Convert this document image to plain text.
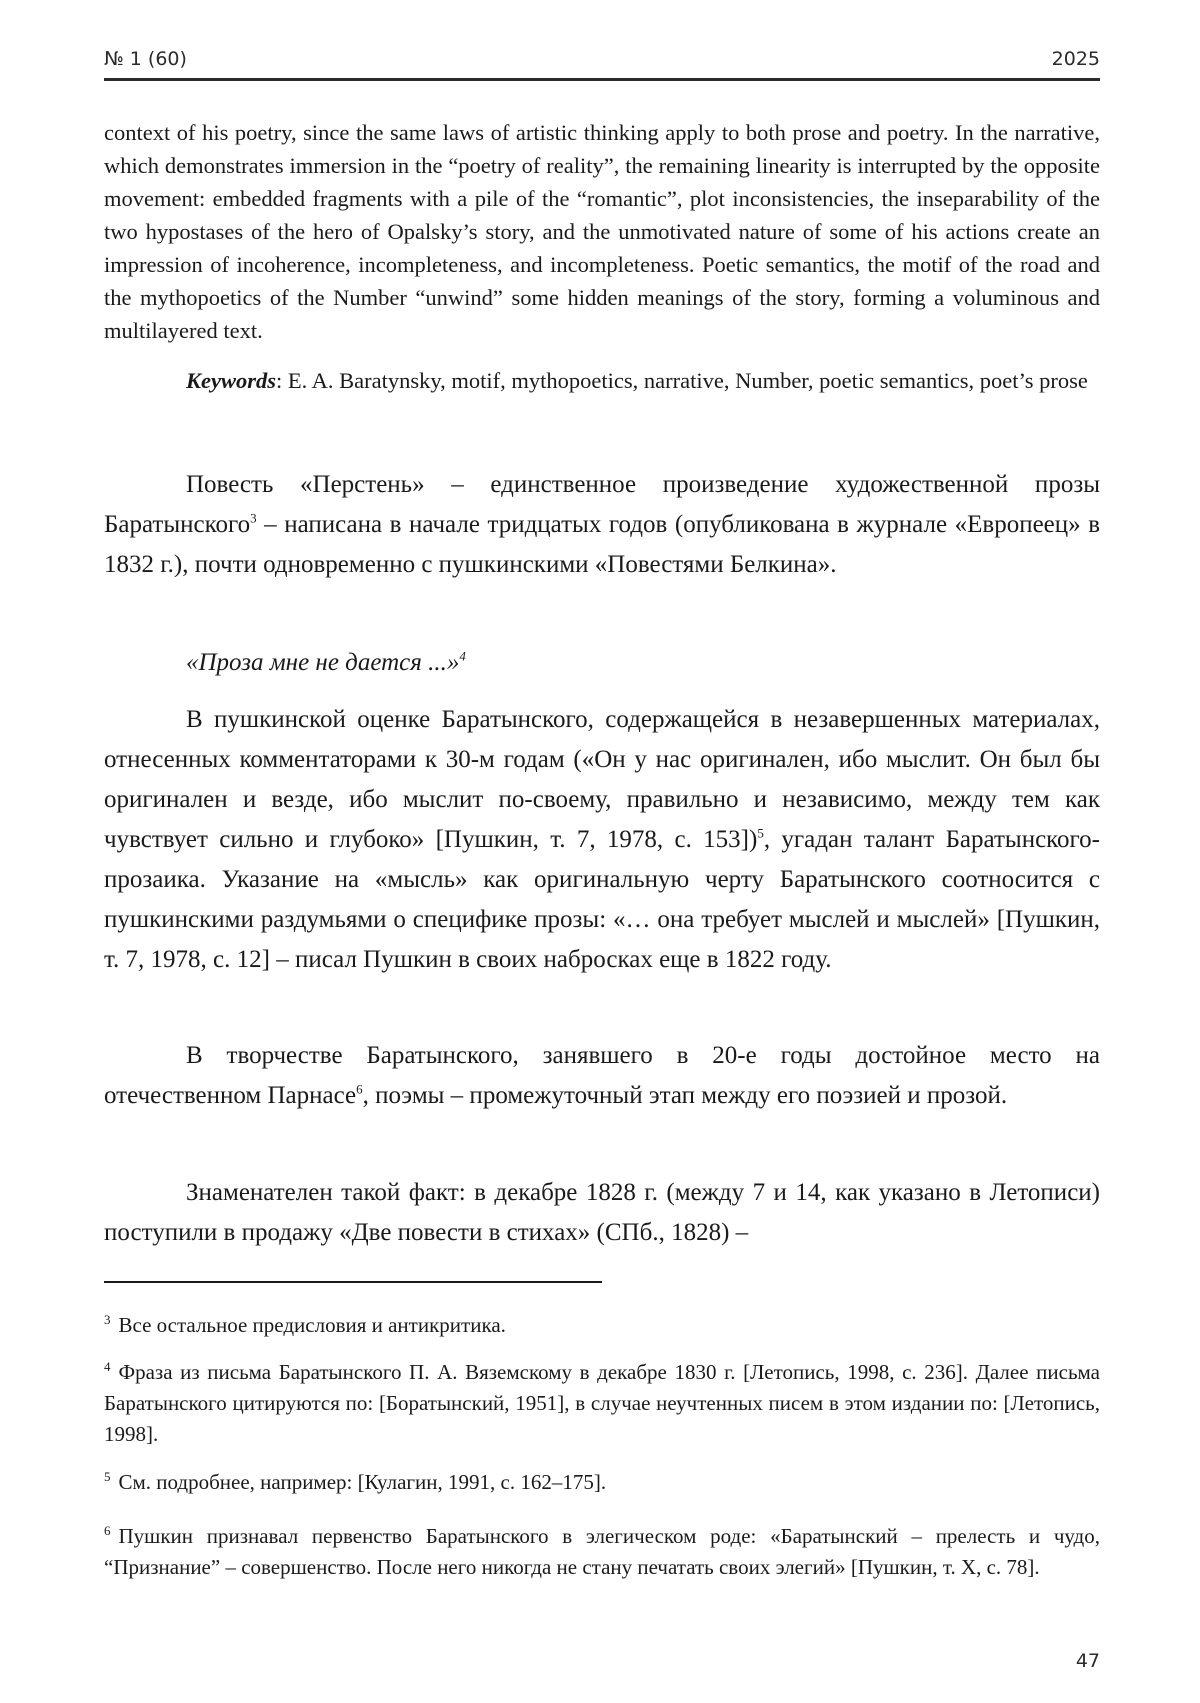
№ 1 (60)	2025

context of his poetry, since the same laws of artistic thinking apply to both prose and poetry. In the narrative, which demonstrates immersion in the “poetry of reality”, the remaining linearity is interrupted by the opposite movement: embedded fragments with a pile of the “romantic”, plot inconsistencies, the inseparability of the two hypostases of the hero of Opalsky’s story, and the unmotivated nature of some of his actions create an impression of incoherence, incompleteness, and incompleteness. Poetic semantics, the motif of the road and the mythopoetics of the Number “unwind” some hidden meanings of the story, forming a voluminous and multilayered text.

Keywords: E. A. Baratynsky, motif, mythopoetics, narrative, Number, poetic semantics, poet’s prose

Повесть «Перстень» – единственное произведение художественной прозы Баратынского$^3$ – написана в начале тридцатых годов (опубликована в журнале «Европеец» в 1832 г.), почти одновременно с пушкинскими «Повестями Белкина».

«Проза мне не дается ...»$^4$

В пушкинской оценке Баратынского, содержащейся в незавершенных материалах, отнесенных комментаторами к 30-м годам («Он у нас оригинален, ибо мыслит. Он был бы оригинален и везде, ибо мыслит по-своему, правильно и независимо, между тем как чувствует сильно и глубоко» [Пушкин, т. 7, 1978, с. 153])$^5$, угадан талант Баратынского-прозаика. Указание на «мысль» как оригинальную черту Баратынского соотносится с пушкинскими раздумьями о специфике прозы: «… она требует мыслей и мыслей» [Пушкин, т. 7, 1978, с. 12] – писал Пушкин в своих набросках еще в 1822 году.

В творчестве Баратынского, занявшего в 20-е годы достойное место на отечественном Парнасе$^6$, поэмы – промежуточный этап между его поэзией и прозой.

Знаменателен такой факт: в декабре 1828 г. (между 7 и 14, как указано в Летописи) поступили в продажу «Две повести в стихах» (СПб., 1828) –

$^3$ Все остальное предисловия и антикритика.

$^4$ Фраза из письма Баратынского П. А. Вяземскому в декабре 1830 г. [Летопись, 1998, с. 236]. Далее письма Баратынского цитируются по: [Боратынский, 1951], в случае неучтенных писем в этом издании по: [Летопись, 1998].

$^5$ См. подробнее, например: [Кулагин, 1991, с. 162–175].

$^6$ Пушкин признавал первенство Баратынского в элегическом роде: «Баратынский – прелесть и чудо, “Признание” – совершенство. После него никогда не стану печатать своих элегий» [Пушкин, т. X, с. 78].

47
